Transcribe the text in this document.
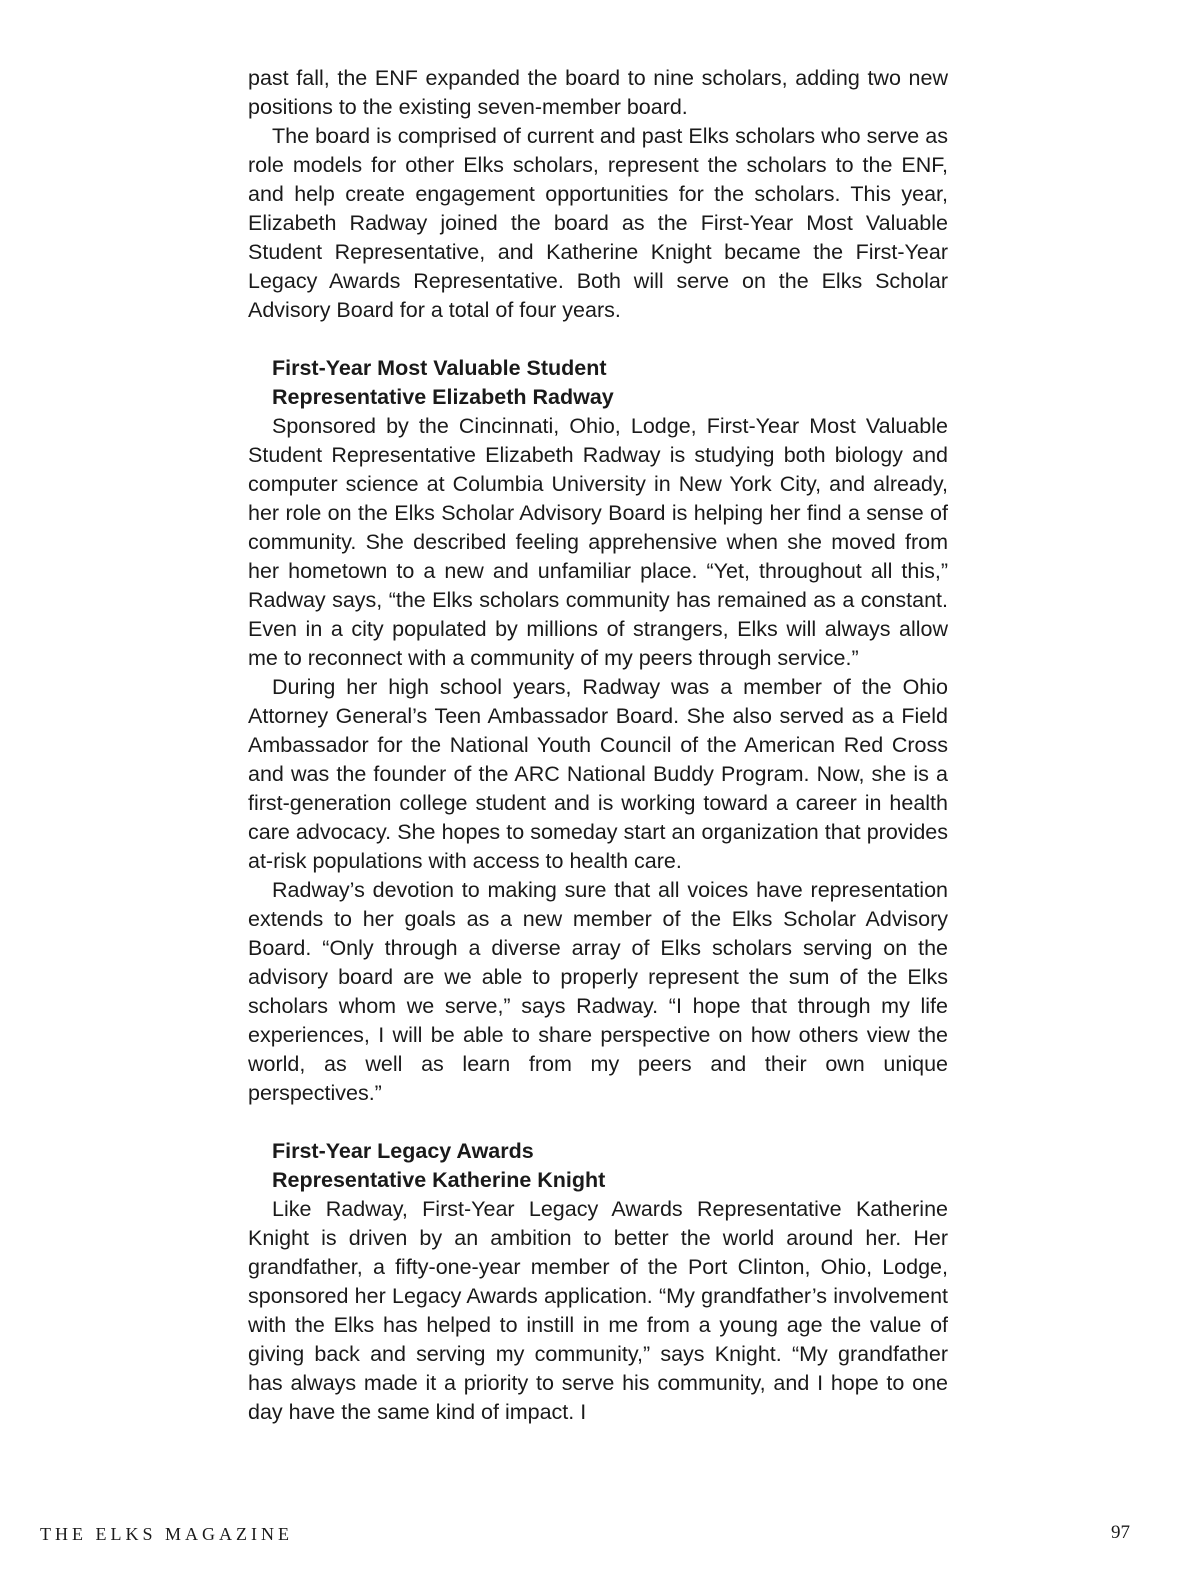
past fall, the ENF expanded the board to nine scholars, adding two new positions to the existing seven-member board.

The board is comprised of current and past Elks scholars who serve as role models for other Elks scholars, represent the scholars to the ENF, and help create engagement opportunities for the scholars. This year, Elizabeth Radway joined the board as the First-Year Most Valuable Student Representative, and Katherine Knight became the First-Year Legacy Awards Representative. Both will serve on the Elks Scholar Advisory Board for a total of four years.

First-Year Most Valuable Student

Representative Elizabeth Radway

Sponsored by the Cincinnati, Ohio, Lodge, First-Year Most Valuable Student Representative Elizabeth Radway is studying both biology and computer science at Columbia University in New York City, and already, her role on the Elks Scholar Advisory Board is helping her find a sense of community. She described feeling apprehensive when she moved from her hometown to a new and unfamiliar place. “Yet, throughout all this,” Radway says, “the Elks scholars community has remained as a constant. Even in a city populated by millions of strangers, Elks will always allow me to reconnect with a community of my peers through service.”

During her high school years, Radway was a member of the Ohio Attorney General’s Teen Ambassador Board. She also served as a Field Ambassador for the National Youth Council of the American Red Cross and was the founder of the ARC National Buddy Program. Now, she is a first-generation college student and is working toward a career in health care advocacy. She hopes to someday start an organization that provides at-risk populations with access to health care.

Radway’s devotion to making sure that all voices have representation extends to her goals as a new member of the Elks Scholar Advisory Board. “Only through a diverse array of Elks scholars serving on the advisory board are we able to properly represent the sum of the Elks scholars whom we serve,” says Radway. “I hope that through my life experiences, I will be able to share perspective on how others view the world, as well as learn from my peers and their own unique perspectives.”

First-Year Legacy Awards

Representative Katherine Knight

Like Radway, First-Year Legacy Awards Representative Katherine Knight is driven by an ambition to better the world around her. Her grandfather, a fifty-one-year member of the Port Clinton, Ohio, Lodge, sponsored her Legacy Awards application. “My grandfather’s involvement with the Elks has helped to instill in me from a young age the value of giving back and serving my community,” says Knight. “My grandfather has always made it a priority to serve his community, and I hope to one day have the same kind of impact. I

THE ELKS MAGAZINE	97
